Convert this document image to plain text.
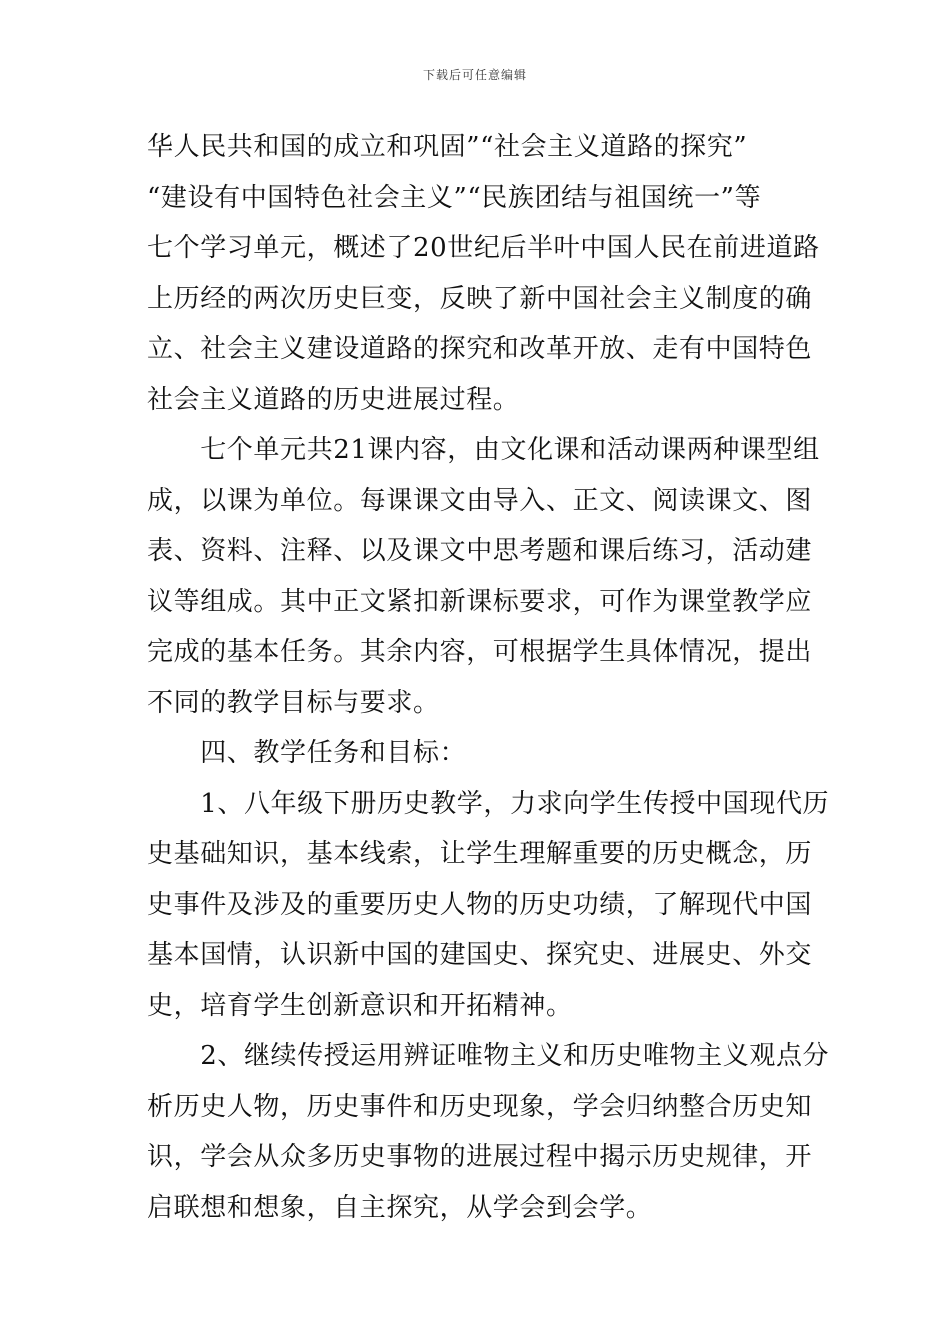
下载后可任意编辑
华人民共和国的成立和巩固”“社会主义道路的探究”
“建设有中国特色社会主义”“民族团结与祖国统一”等
七个学习单元，概述了20世纪后半叶中国人民在前进道路
上历经的两次历史巨变，反映了新中国社会主义制度的确
立、社会主义建设道路的探究和改革开放、走有中国特色
社会主义道路的历史进展过程。
　　七个单元共21课内容，由文化课和活动课两种课型组
成，以课为单位。每课课文由导入、正文、阅读课文、图
表、资料、注释、以及课文中思考题和课后练习，活动建
议等组成。其中正文紧扣新课标要求，可作为课堂教学应
完成的基本任务。其余内容，可根据学生具体情况，提出
不同的教学目标与要求。
　　四、教学任务和目标：
　　1、八年级下册历史教学，力求向学生传授中国现代历
史基础知识，基本线索，让学生理解重要的历史概念，历
史事件及涉及的重要历史人物的历史功绩，了解现代中国
基本国情，认识新中国的建国史、探究史、进展史、外交
史，培育学生创新意识和开拓精神。
　　2、继续传授运用辨证唯物主义和历史唯物主义观点分
析历史人物，历史事件和历史现象，学会归纳整合历史知
识，学会从众多历史事物的进展过程中揭示历史规律，开
启联想和想象，自主探究，从学会到会学。
